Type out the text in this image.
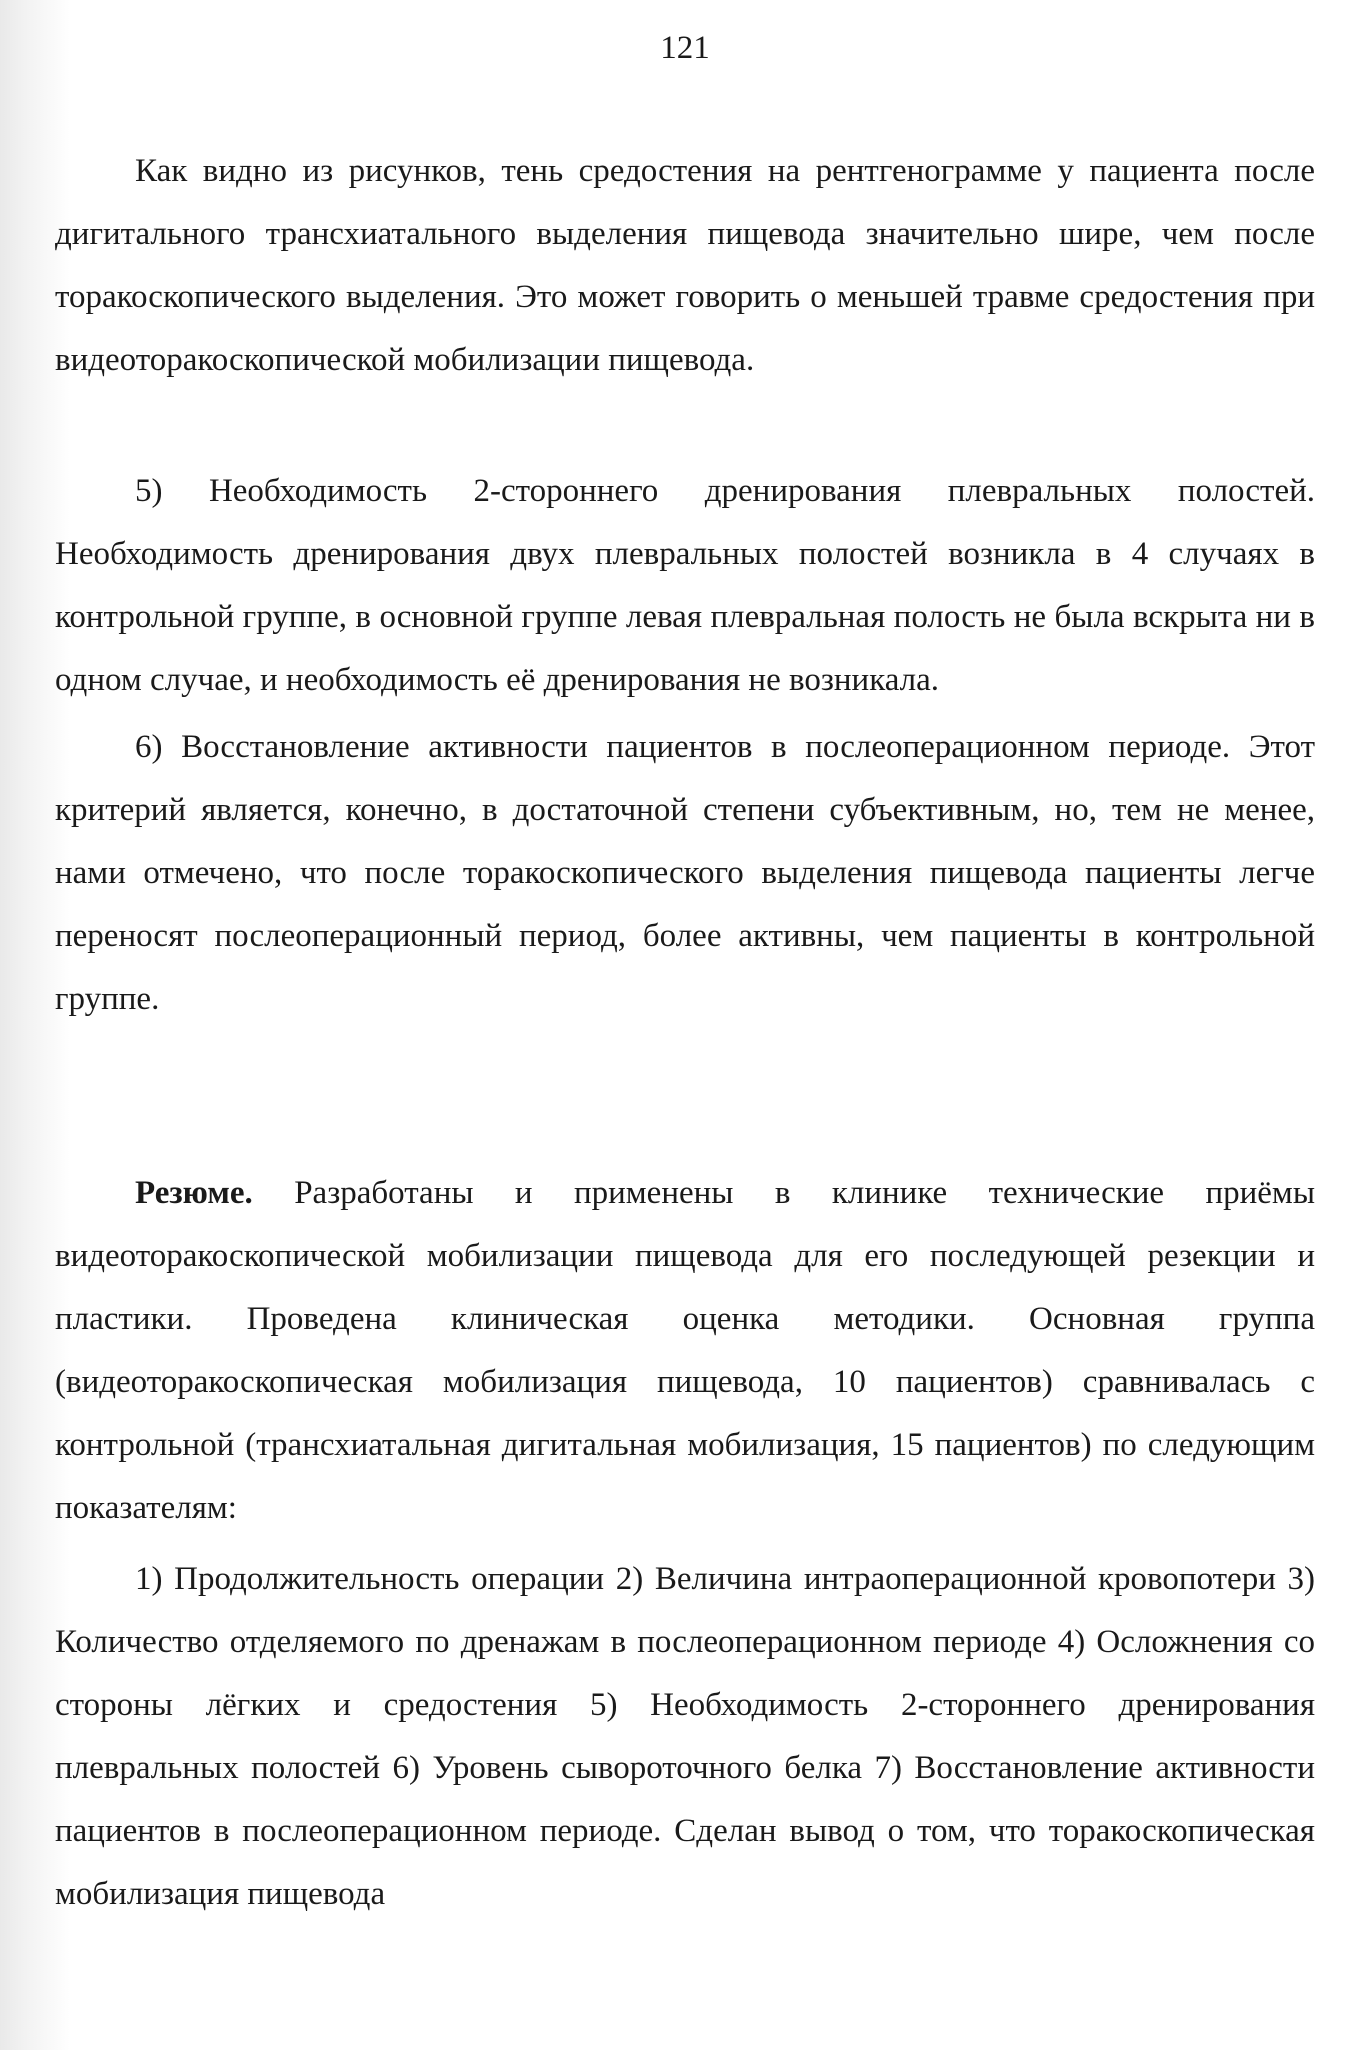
121

Как видно из рисунков, тень средостения на рентгенограмме у пациента после дигитального трансхиатального выделения пищевода значительно шире, чем после торакоскопического выделения. Это может говорить о меньшей травме средостения при видеоторакоскопической мобилизации пищевода.

5) Необходимость 2-стороннего дренирования плевральных полостей. Необходимость дренирования двух плевральных полостей возникла в 4 случаях в контрольной группе, в основной группе левая плевральная полость не была вскрыта ни в одном случае, и необходимость её дренирования не возникала.

6) Восстановление активности пациентов в послеоперационном периоде. Этот критерий является, конечно, в достаточной степени субъективным, но, тем не менее, нами отмечено, что после торакоскопического выделения пищевода пациенты легче переносят послеоперационный период, более активны, чем пациенты в контрольной группе.

Резюме. Разработаны и применены в клинике технические приёмы видеоторакоскопической мобилизации пищевода для его последующей резекции и пластики. Проведена клиническая оценка методики. Основная группа (видеоторакоскопическая мобилизация пищевода, 10 пациентов) сравнивалась с контрольной (трансхиатальная дигитальная мобилизация, 15 пациентов) по следующим показателям:

1) Продолжительность операции 2) Величина интраоперационной кровопотери 3) Количество отделяемого по дренажам в послеоперационном периоде 4) Осложнения со стороны лёгких и средостения 5) Необходимость 2-стороннего дренирования плевральных полостей 6) Уровень сывороточного белка 7) Восстановление активности пациентов в послеоперационном периоде. Сделан вывод о том, что торакоскопическая мобилизация пищевода
